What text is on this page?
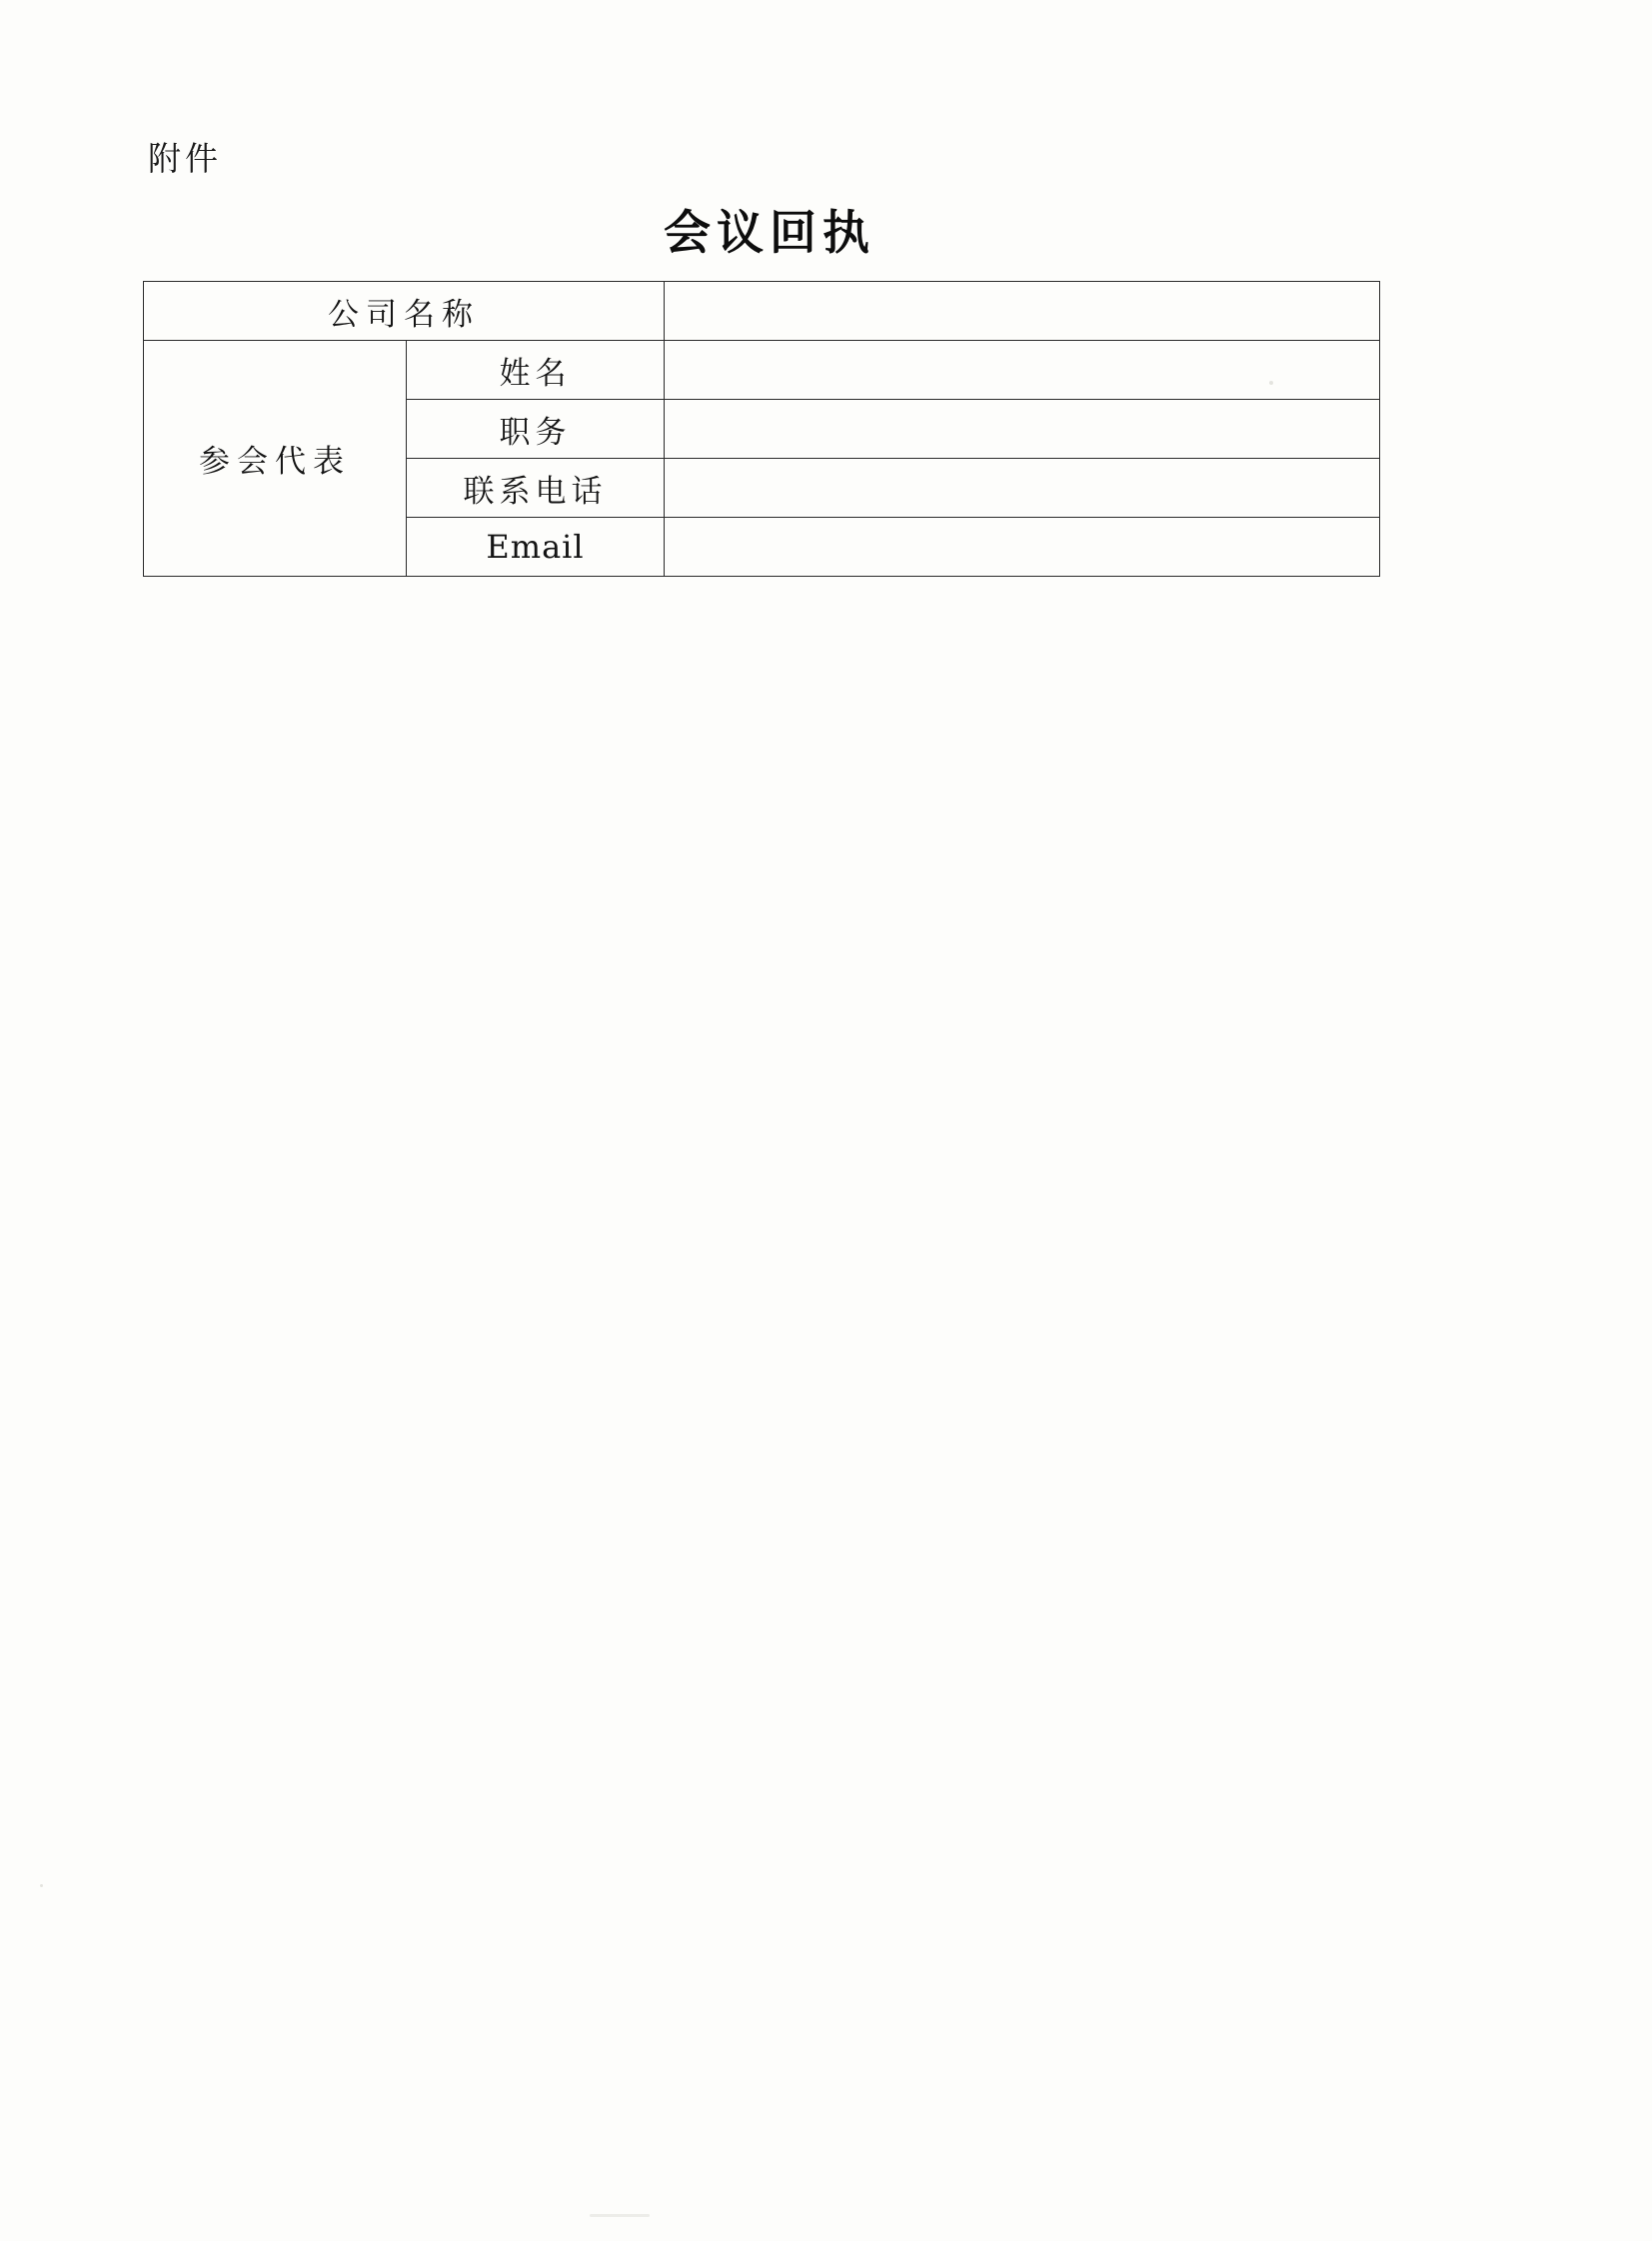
附件
会议回执
公司名称		
参会代表	姓名	
	职务	
	联系电话	
	Email	
